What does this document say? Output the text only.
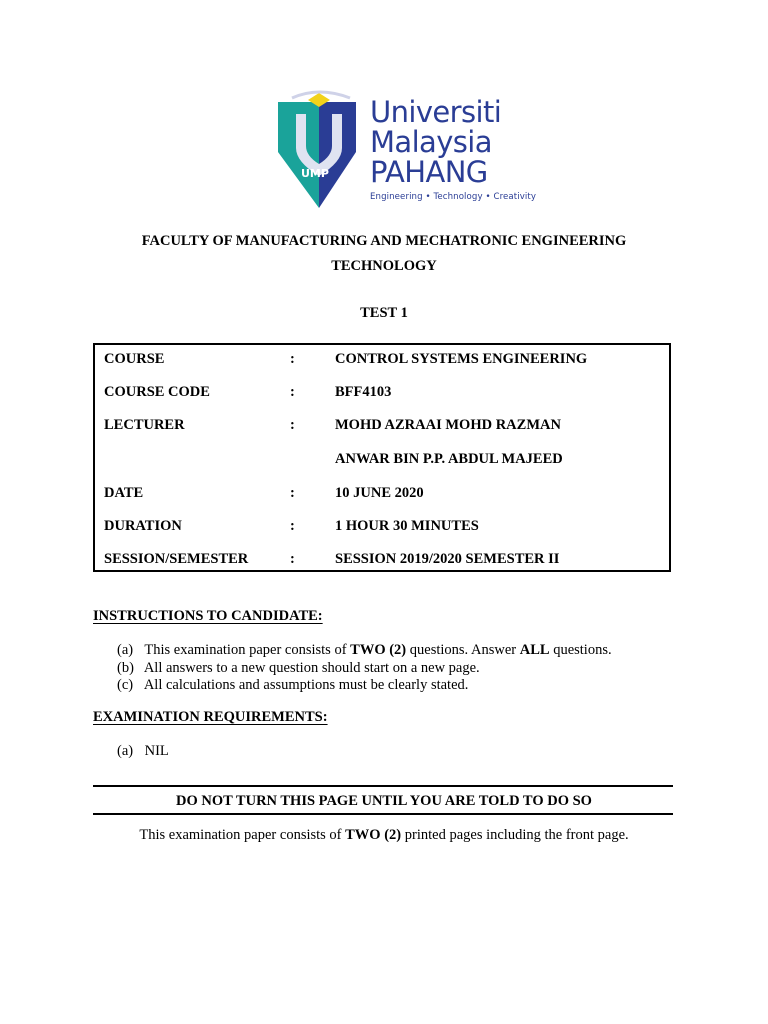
UMP
Universiti
Malaysia
PAHANG
Engineering • Technology • Creativity
FACULTY OF MANUFACTURING AND MECHATRONIC ENGINEERING
TECHNOLOGY
TEST 1
COURSE	:	CONTROL SYSTEMS ENGINEERING
COURSE CODE	:	BFF4103
LECTURER	:	MOHD AZRAAI MOHD RAZMAN
ANWAR BIN P.P. ABDUL MAJEED
DATE	:	10 JUNE 2020
DURATION	:	1 HOUR 30 MINUTES
SESSION/SEMESTER	:	SESSION 2019/2020 SEMESTER II
INSTRUCTIONS TO CANDIDATE:
(a) This examination paper consists of TWO (2) questions. Answer ALL questions.
(b) All answers to a new question should start on a new page.
(c) All calculations and assumptions must be clearly stated.
EXAMINATION REQUIREMENTS:
(a) NIL
DO NOT TURN THIS PAGE UNTIL YOU ARE TOLD TO DO SO
This examination paper consists of TWO (2) printed pages including the front page.
